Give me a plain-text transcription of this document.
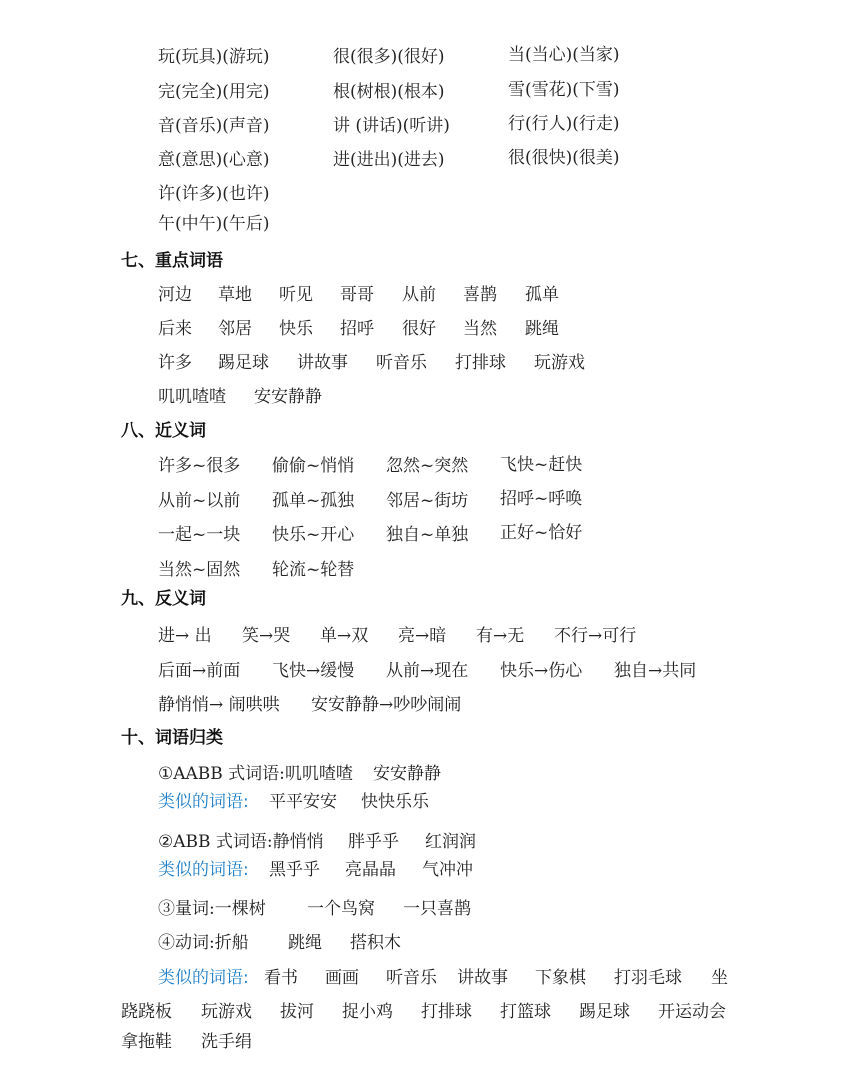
玩(玩具)(游玩)
完(完全)(用完)
音(音乐)(声音)
意(意思)(心意)
许(许多)(也许)
午(中午)(午后)
很(很多)(很好)
根(树根)(根本)
讲 (讲话)(听讲)
进(进出)(进去)
当(当心)(当家)
雪(雪花)(下雪)
行(行人)(行走)
很(很快)(很美)
七、重点词语
河边 草地 听见 哥哥 从前 喜鹊 孤单
后来 邻居 快乐 招呼 很好 当然 跳绳
许多 踢足球 讲故事 听音乐 打排球 玩游戏
叽叽喳喳 安安静静
八、近义词
许多~很多 偷偷~悄悄 忽然~突然 飞快~赶快
从前~以前 孤单~孤独 邻居~街坊 招呼~呼唤
一起~一块 快乐~开心 独自~单独 正好~恰好
当然~固然 轮流~轮替
九、反义词
进→ 出 笑→哭 单→双 亮→暗 有→无 不行→可行
后面→前面 飞快→缓慢 从前→现在 快乐→伤心 独自→共同
静悄悄→ 闹哄哄 安安静静→吵吵闹闹
十、词语归类
①AABB 式词语:叽叽喳喳 安安静静
类似的词语: 平平安安 快快乐乐
②ABB 式词语:静悄悄 胖乎乎 红润润
类似的词语: 黑乎乎 亮晶晶 气冲冲
③量词:一棵树 一个鸟窝 一只喜鹊
④动词:折船 跳绳 搭积木
类似的词语: 看书 画画 听音乐 讲故事 下象棋 打羽毛球 坐
跷跷板 玩游戏 拔河 捉小鸡 打排球 打篮球 踢足球 开运动会
拿拖鞋 洗手绢
